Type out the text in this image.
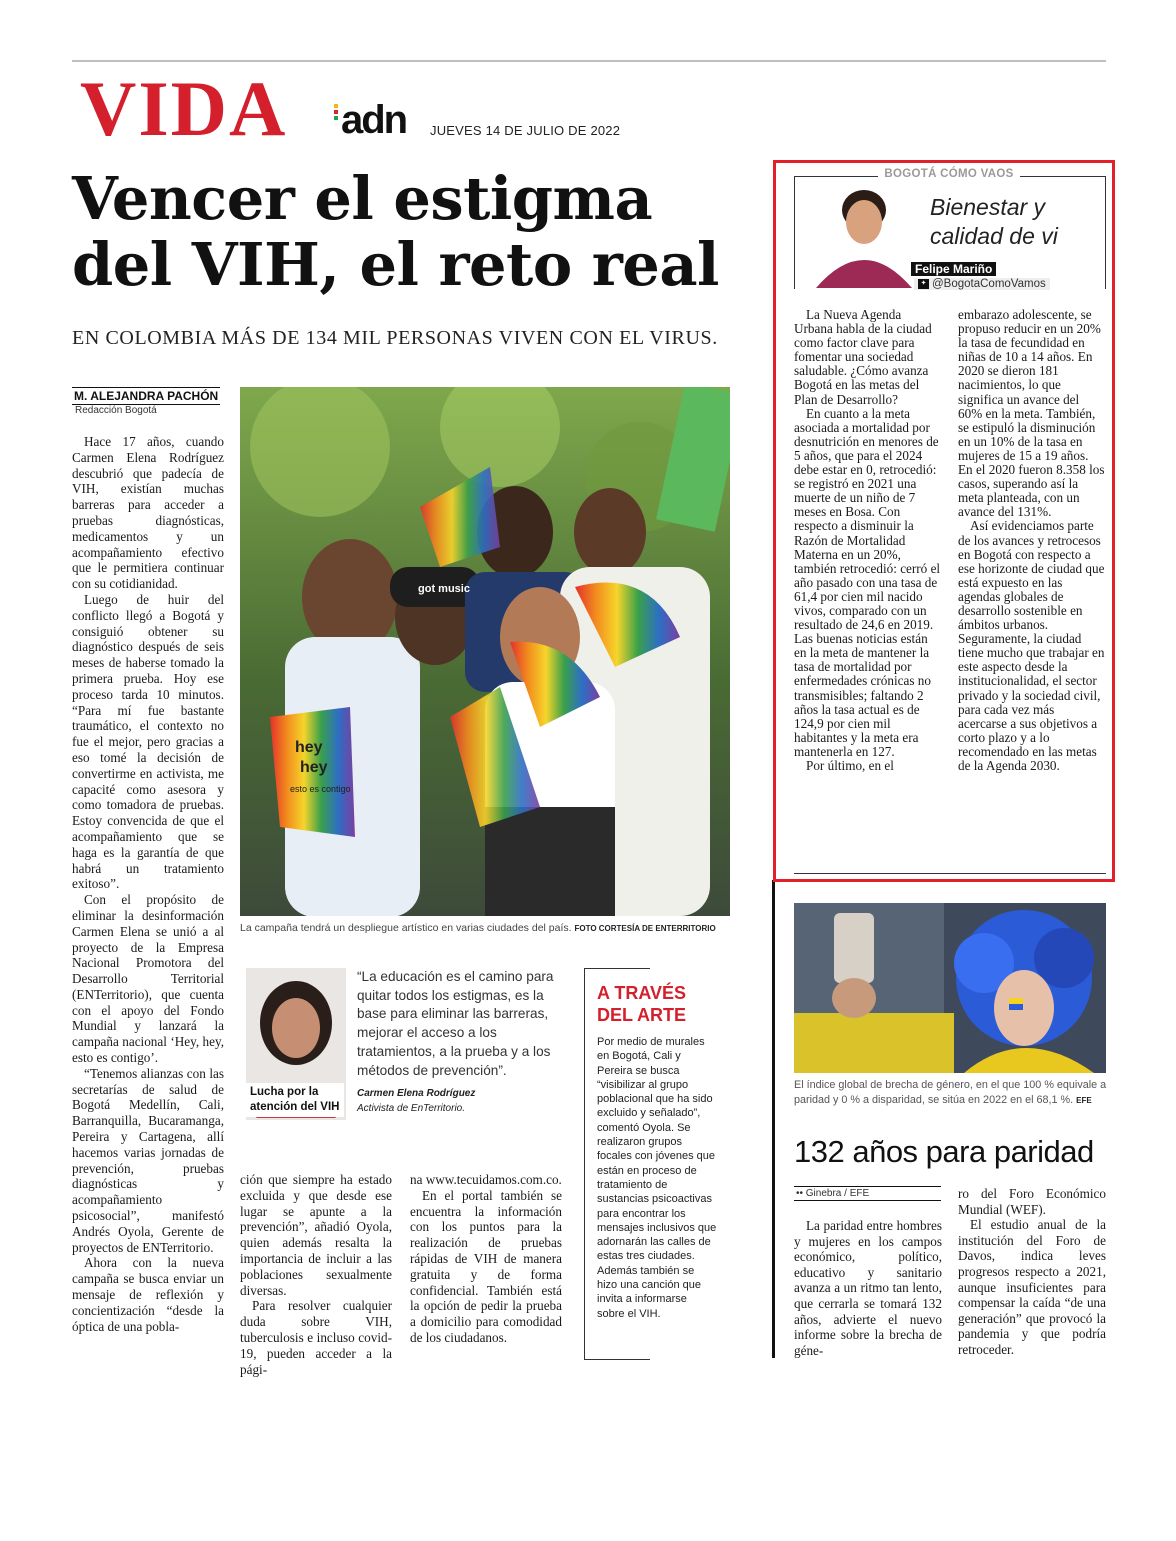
VIDA adn JUEVES 14 DE JULIO DE 2022
Vencer el estigma del VIH, el reto real
EN COLOMBIA MÁS DE 134 MIL PERSONAS VIVEN CON EL VIRUS.
M. ALEJANDRA PACHÓN
Redacción Bogotá

Hace 17 años, cuando Carmen Elena Rodríguez descubrió que padecía de VIH, existían muchas barreras para acceder a pruebas diagnósticas, medicamentos y un acompañamiento efectivo que le permitiera continuar con su cotidianidad.

Luego de huir del conflicto llegó a Bogotá y consiguió obtener su diagnóstico después de seis meses de haberse tomado la primera prueba. Hoy ese proceso tarda 10 minutos. “Para mí fue bastante traumático, el contexto no fue el mejor, pero gracias a eso tomé la decisión de convertirme en activista, me capacité como asesora y como tomadora de pruebas. Estoy convencida de que el acompañamiento que se haga es la garantía de que habrá un tratamiento exitoso”.

Con el propósito de eliminar la desinformación Carmen Elena se unió a al proyecto de la Empresa Nacional Promotora del Desarrollo Territorial (ENTerritorio), que cuenta con el apoyo del Fondo Mundial y lanzará la campaña nacional ‘Hey, hey, esto es contigo’.

“Tenemos alianzas con las secretarías de salud de Bogotá Medellín, Cali, Barranquilla, Bucaramanga, Pereira y Cartagena, allí hacemos varias jornadas de prevención, pruebas diagnósticas y acompañamiento psicosocial”, manifestó Andrés Oyola, Gerente de proyectos de ENTerritorio.

Ahora con la nueva campaña se busca enviar un mensaje de reflexión y concientización “desde la óptica de una pobla-

hey
hey
esto es contigo
got music
La campaña tendrá un despliegue artístico en varias ciudades del país. FOTO CORTESÍA DE ENTERRITORIO
Lucha por la atención del VIH
“La educación es el camino para quitar todos los estigmas, es la base para eliminar las barreras, mejorar el acceso a los tratamientos, a la prueba y a los métodos de prevención”.
Carmen Elena Rodríguez
Activista de EnTerritorio.
A TRAVÉS DEL ARTE
Por medio de murales en Bogotá, Cali y Pereira se busca “visibilizar al grupo poblacional que ha sido excluido y señalado”, comentó Oyola. Se realizaron grupos focales con jóvenes que están en proceso de tratamiento de sustancias psicoactivas para encontrar los mensajes inclusivos que adornarán las calles de estas tres ciudades. Además también se hizo una canción que invita a informarse sobre el VIH.

ción que siempre ha estado excluida y que desde ese lugar se apunte a la prevención”, añadió Oyola, quien además resalta la importancia de incluir a las poblaciones sexualmente diversas.

Para resolver cualquier duda sobre VIH, tuberculosis e incluso covid-19, pueden acceder a la pági-

na www.tecuidamos.com.co.

En el portal también se encuentra la información con los puntos para la realización de pruebas rápidas de VIH de manera gratuita y de forma confidencial. También está la opción de pedir la prueba a domicilio para comodidad de los ciudadanos.

BOGOTÁ CÓMO VAOS
Bienestar y calidad de vi
Felipe Mariño
✦ @BogotaComoVamos

La Nueva Agenda Urbana habla de la ciudad como factor clave para fomentar una sociedad saludable. ¿Cómo avanza Bogotá en las metas del Plan de Desarrollo?

En cuanto a la meta asociada a mortalidad por desnutrición en menores de 5 años, que para el 2024 debe estar en 0, retrocedió: se registró en 2021 una muerte de un niño de 7 meses en Bosa. Con respecto a disminuir la Razón de Mortalidad Materna en un 20%, también retrocedió: cerró el año pasado con una tasa de 61,4 por cien mil nacido vivos, comparado con un resultado de 24,6 en 2019. Las buenas noticias están en la meta de mantener la tasa de mortalidad por enfermedades crónicas no transmisibles; faltando 2 años la tasa actual es de 124,9 por cien mil habitantes y la meta era mantenerla en 127.

Por último, en el

embarazo adolescente, se propuso reducir en un 20% la tasa de fecundidad en niñas de 10 a 14 años. En 2020 se dieron 181 nacimientos, lo que significa un avance del 60% en la meta. También, se estipuló la disminución en un 10% de la tasa en mujeres de 15 a 19 años. En el 2020 fueron 8.358 los casos, superando así la meta planteada, con un avance del 131%.

Así evidenciamos parte de los avances y retrocesos en Bogotá con respecto a ese horizonte de ciudad que está expuesto en las agendas globales de desarrollo sostenible en ámbitos urbanos. Seguramente, la ciudad tiene mucho que trabajar en este aspecto desde la institucionalidad, el sector privado y la sociedad civil, para cada vez más acercarse a sus objetivos a corto plazo y a lo recomendado en las metas de la Agenda 2030.

El índice global de brecha de género, en el que 100 % equivale a paridad y 0 % a disparidad, se sitúa en 2022 en el 68,1 %. EFE
132 años para paridad
•• Ginebra / EFE

La paridad entre hombres y mujeres en los campos económico, político, educativo y sanitario avanza a un ritmo tan lento, que cerrarla se tomará 132 años, advierte el nuevo informe sobre la brecha de géne-

ro del Foro Económico Mundial (WEF).

El estudio anual de la institución del Foro de Davos, indica leves progresos respecto a 2021, aunque insuficientes para compensar la caída “de una generación” que provocó la pandemia y que podría retroceder.
